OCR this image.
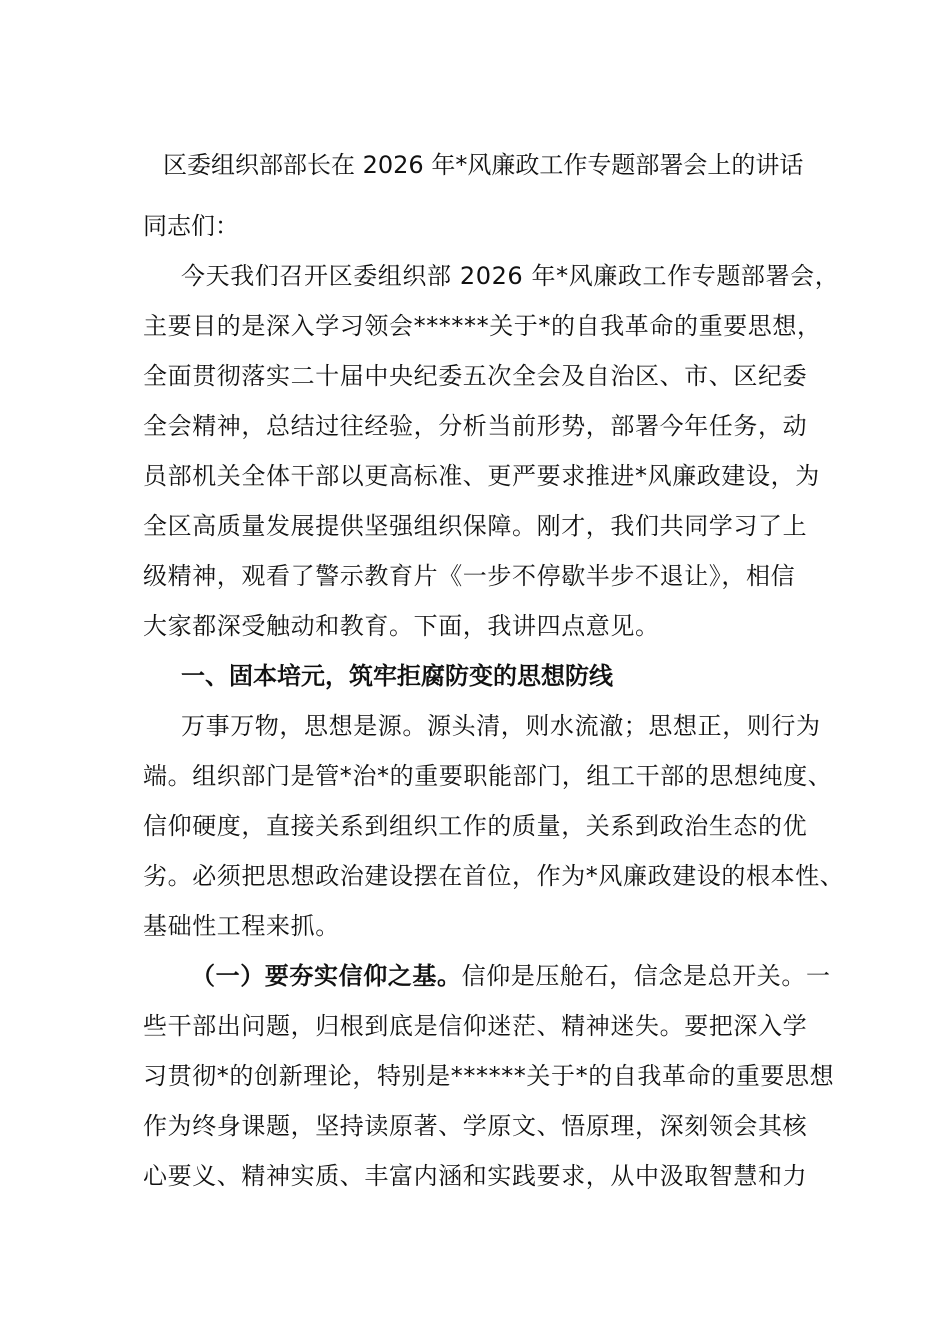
区委组织部部长在 2026 年*风廉政工作专题部署会上的讲话

同志们：

今天我们召开区委组织部 2026 年*风廉政工作专题部署会，
主要目的是深入学习领会******关于*的自我革命的重要思想，
全面贯彻落实二十届中央纪委五次全会及自治区、市、区纪委
全会精神，总结过往经验，分析当前形势，部署今年任务，动
员部机关全体干部以更高标准、更严要求推进*风廉政建设，为
全区高质量发展提供坚强组织保障。刚才，我们共同学习了上
级精神，观看了警示教育片《一步不停歇半步不退让》，相信
大家都深受触动和教育。下面，我讲四点意见。

一、固本培元，筑牢拒腐防变的思想防线

万事万物，思想是源。源头清，则水流澈；思想正，则行为
端。组织部门是管*治*的重要职能部门，组工干部的思想纯度、
信仰硬度，直接关系到组织工作的质量，关系到政治生态的优
劣。必须把思想政治建设摆在首位，作为*风廉政建设的根本性、
基础性工程来抓。
（一）要夯实信仰之基。信仰是压舱石，信念是总开关。一
些干部出问题，归根到底是信仰迷茫、精神迷失。要把深入学
习贯彻*的创新理论，特别是******关于*的自我革命的重要思想
作为终身课题，坚持读原著、学原文、悟原理，深刻领会其核
心要义、精神实质、丰富内涵和实践要求，从中汲取智慧和力
